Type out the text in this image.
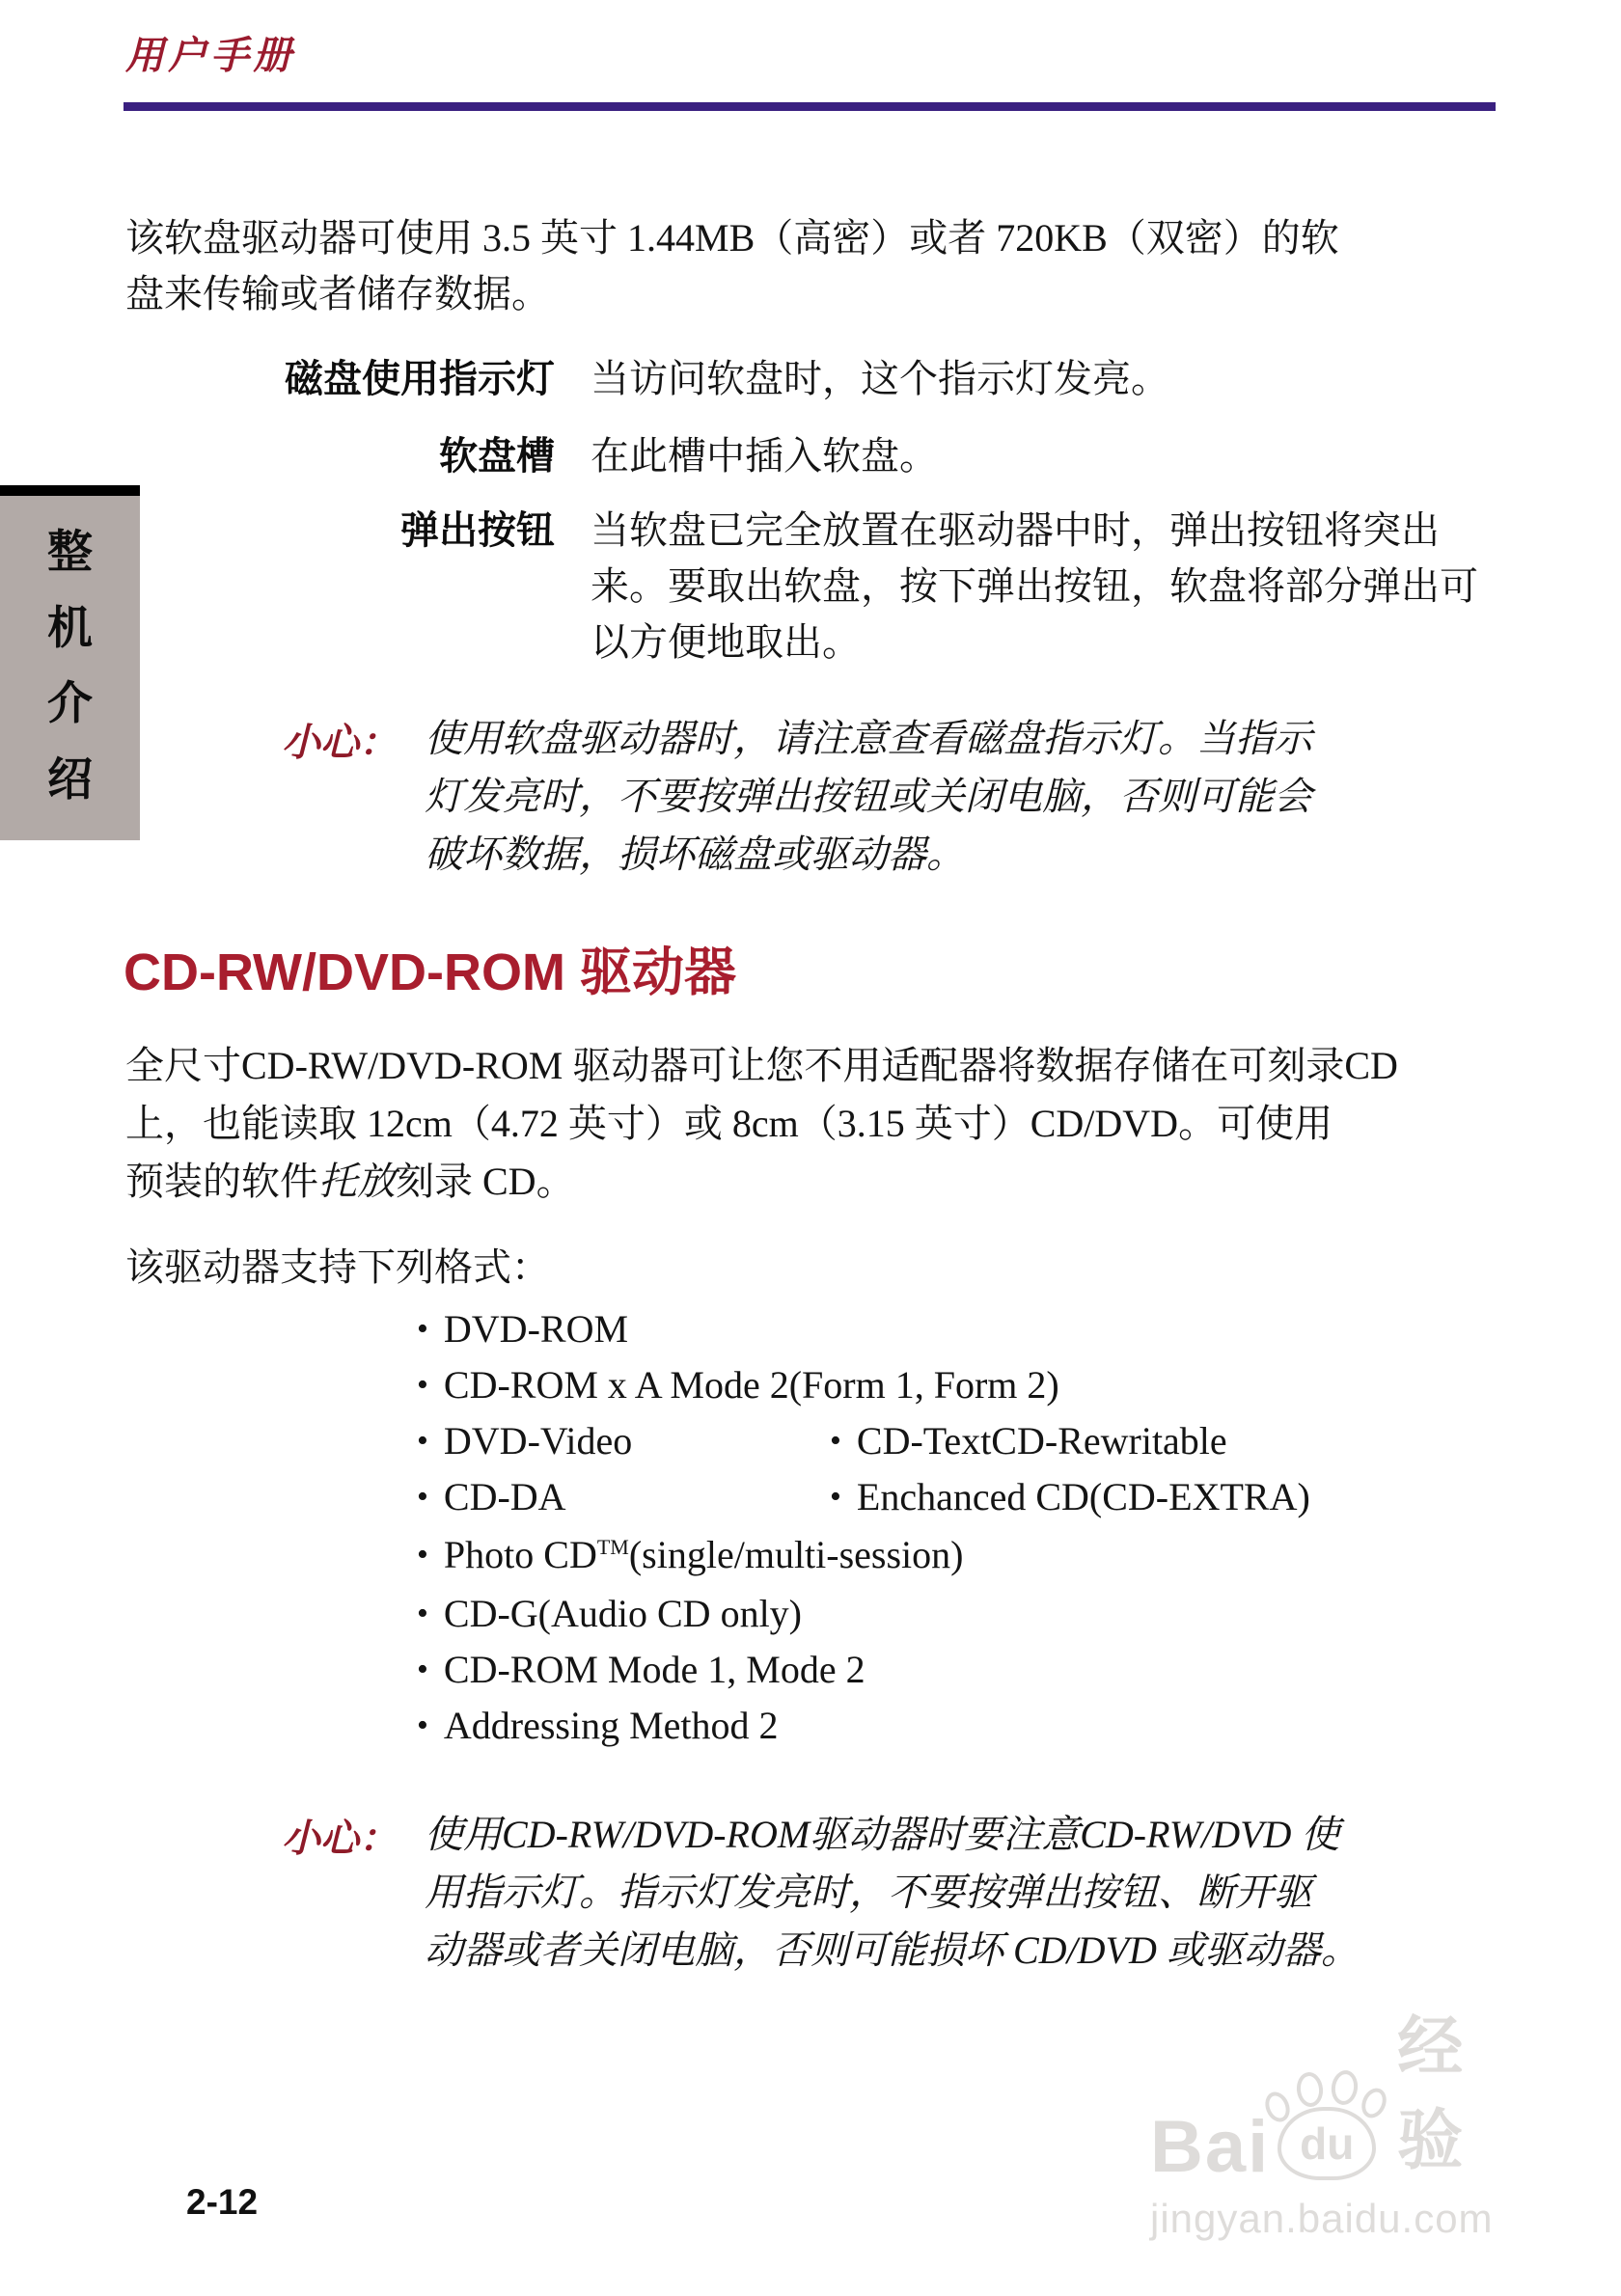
用户手册
整
机
介
绍
该软盘驱动器可使用 3.5 英寸 1.44MB（高密）或者 720KB（双密）的软
盘来传输或者储存数据。
磁盘使用指示灯 当访问软盘时，这个指示灯发亮。
软盘槽 在此槽中插入软盘。
弹出按钮 当软盘已完全放置在驱动器中时，弹出按钮将突出
来。要取出软盘，按下弹出按钮，软盘将部分弹出可
以方便地取出。
小心： 使用软盘驱动器时，请注意查看磁盘指示灯。当指示
灯发亮时，不要按弹出按钮或关闭电脑，否则可能会
破坏数据，损坏磁盘或驱动器。
CD-RW/DVD-ROM 驱动器
全尺寸CD-RW/DVD-ROM 驱动器可让您不用适配器将数据存储在可刻录CD
上，也能读取 12cm（4.72 英寸）或 8cm（3.15 英寸）CD/DVD。可使用
预装的软件托放刻录 CD。
该驱动器支持下列格式：
• DVD-ROM
• CD-ROM x A Mode 2(Form 1, Form 2)
• DVD-Video	• CD-TextCD-Rewritable
• CD-DA	• Enchanced CD(CD-EXTRA)
• Photo CD™(single/multi-session)
• CD-G(Audio CD only)
• CD-ROM Mode 1, Mode 2
• Addressing Method 2
小心： 使用CD-RW/DVD-ROM驱动器时要注意CD-RW/DVD 使
用指示灯。指示灯发亮时，不要按弹出按钮、断开驱
动器或者关闭电脑，否则可能损坏 CD/DVD 或驱动器。
2-12
Bai du
经验
jingyan.baidu.com
